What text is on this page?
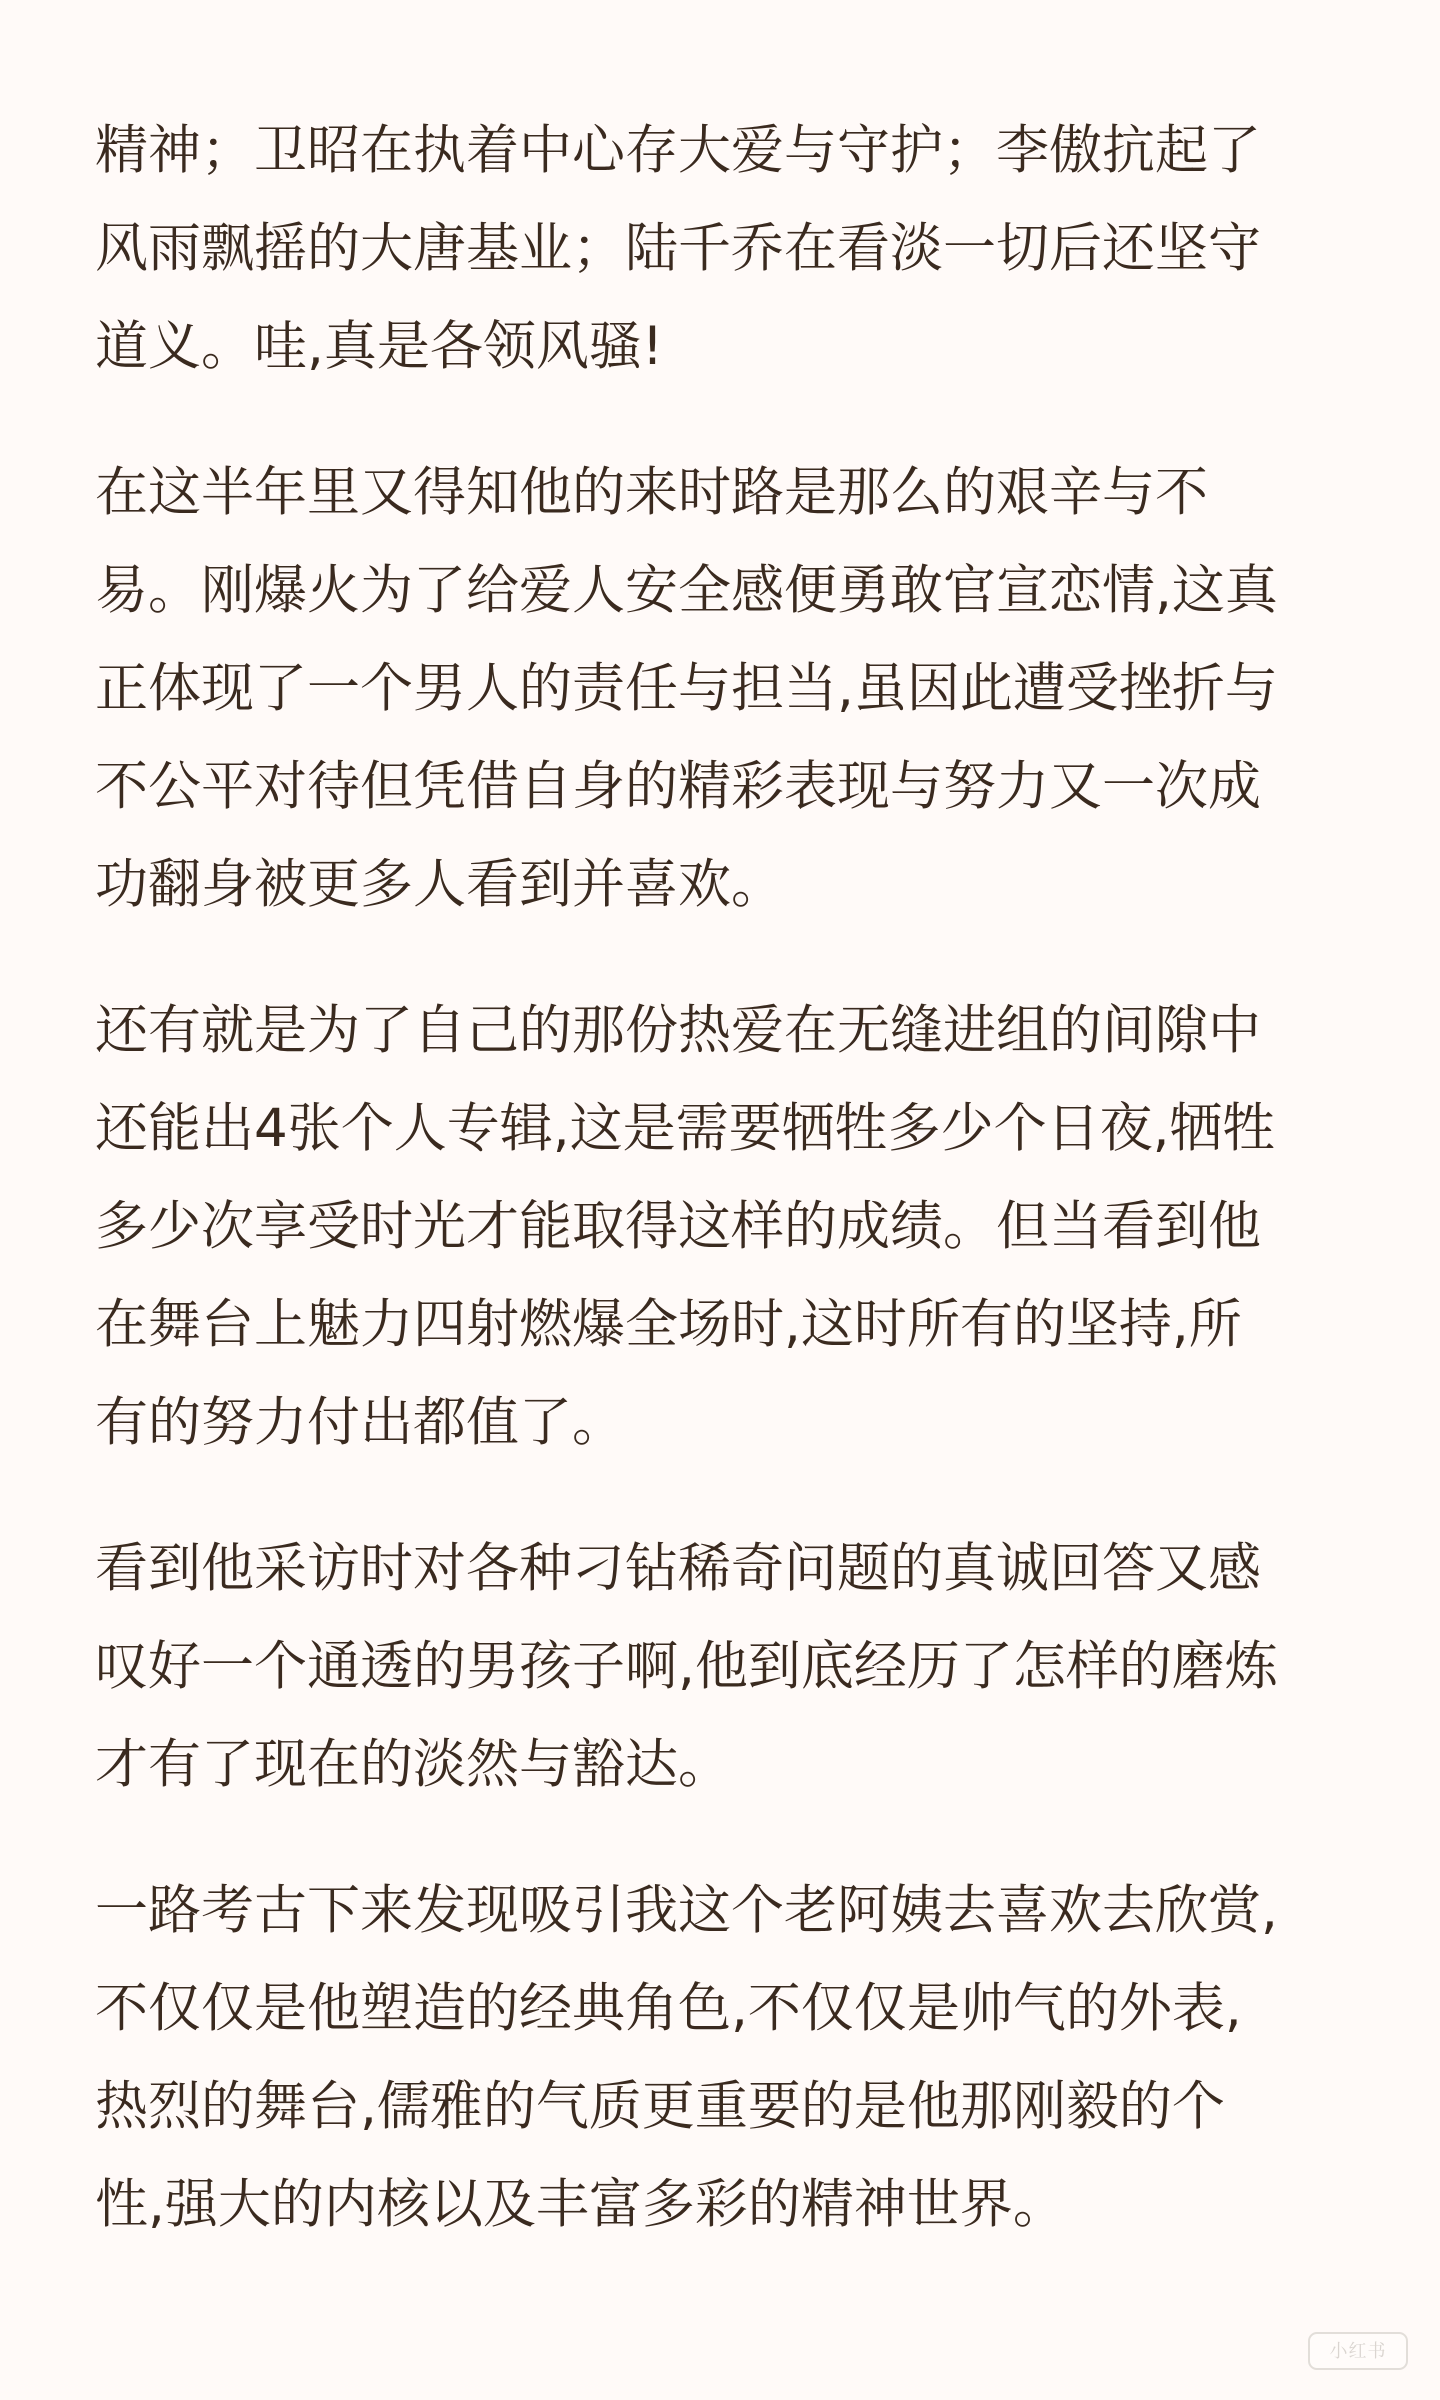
精神；卫昭在执着中心存大爱与守护；李傲抗起了
风雨飘摇的大唐基业；陆千乔在看淡一切后还坚守
道义。哇,真是各领风骚!

在这半年里又得知他的来时路是那么的艰辛与不
易。刚爆火为了给爱人安全感便勇敢官宣恋情,这真
正体现了一个男人的责任与担当,虽因此遭受挫折与
不公平对待但凭借自身的精彩表现与努力又一次成
功翻身被更多人看到并喜欢。

还有就是为了自己的那份热爱在无缝进组的间隙中
还能出4张个人专辑,这是需要牺牲多少个日夜,牺牲
多少次享受时光才能取得这样的成绩。但当看到他
在舞台上魅力四射燃爆全场时,这时所有的坚持,所
有的努力付出都值了。

看到他采访时对各种刁钻稀奇问题的真诚回答又感
叹好一个通透的男孩子啊,他到底经历了怎样的磨炼
才有了现在的淡然与豁达。

一路考古下来发现吸引我这个老阿姨去喜欢去欣赏,
不仅仅是他塑造的经典角色,不仅仅是帅气的外表,
热烈的舞台,儒雅的气质更重要的是他那刚毅的个
性,强大的内核以及丰富多彩的精神世界。

小红书
